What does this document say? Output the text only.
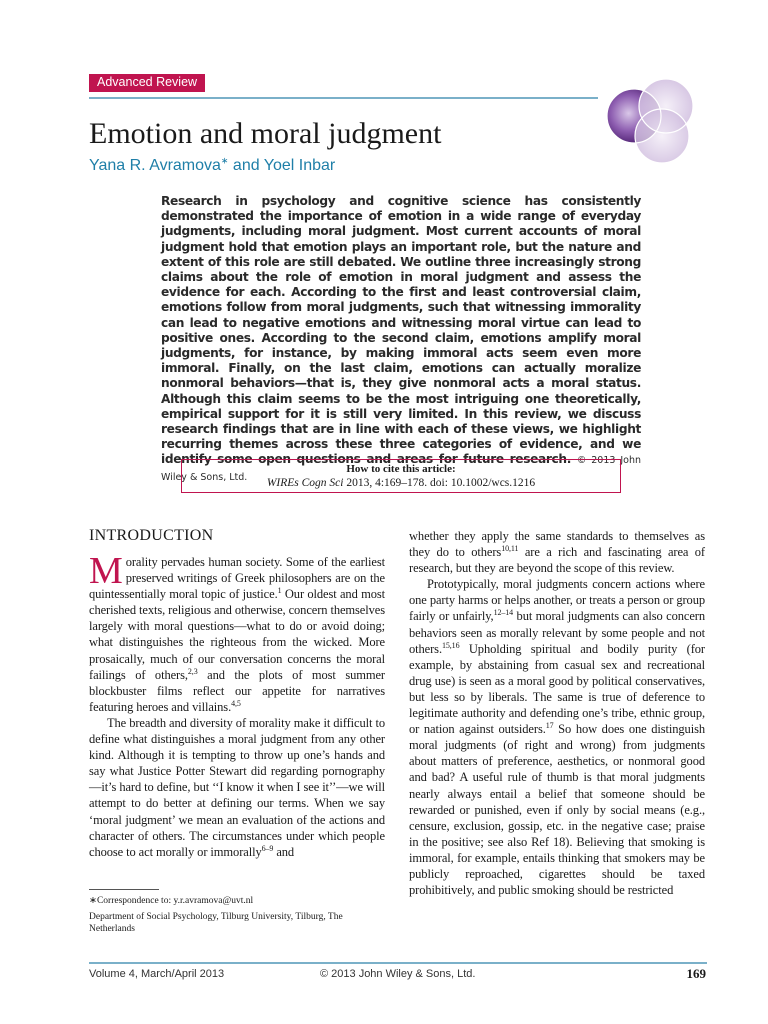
Advanced Review
Emotion and moral judgment
Yana R. Avramova∗ and Yoel Inbar
Research in psychology and cognitive science has consistently demonstrated the importance of emotion in a wide range of everyday judgments, including moral judgment. Most current accounts of moral judgment hold that emotion plays an important role, but the nature and extent of this role are still debated. We outline three increasingly strong claims about the role of emotion in moral judgment and assess the evidence for each. According to the first and least controversial claim, emotions follow from moral judgments, such that witnessing immorality can lead to negative emotions and witnessing moral virtue can lead to positive ones. According to the second claim, emotions amplify moral judgments, for instance, by making immoral acts seem even more immoral. Finally, on the last claim, emotions can actually moralize nonmoral behaviors—that is, they give nonmoral acts a moral status. Although this claim seems to be the most intriguing one theoretically, empirical support for it is still very limited. In this review, we discuss research findings that are in line with each of these views, we highlight recurring themes across these three categories of evidence, and we identify some open questions and areas for future research. © 2013 John Wiley & Sons, Ltd.
How to cite this article:
WIREs Cogn Sci 2013, 4:169–178. doi: 10.1002/wcs.1216
INTRODUCTION

Morality pervades human society. Some of the earliest preserved writings of Greek philosophers are on the quintessentially moral topic of justice.$^1$ Our oldest and most cherished texts, religious and otherwise, concern themselves largely with moral questions—what to do or avoid doing; what distinguishes the righteous from the wicked. More prosaically, much of our conversation concerns the moral failings of others,$^{2,3}$ and the plots of most summer blockbuster films reflect our appetite for narratives featuring heroes and villains.$^{4,5}$

The breadth and diversity of morality make it difficult to define what distinguishes a moral judgment from any other kind. Although it is tempting to throw up one’s hands and say what Justice Potter Stewart did regarding pornography—it’s hard to define, but ‘‘I know it when I see it’’—we will attempt to do better at defining our terms. When we say ‘moral judgment’ we mean an evaluation of the actions and character of others. The circumstances under which people choose to act morally or immorally$^{6-9}$ and

∗Correspondence to: y.r.avramova@uvt.nl

Department of Social Psychology, Tilburg University, Tilburg, The Netherlands

whether they apply the same standards to themselves as they do to others$^{10,11}$ are a rich and fascinating area of research, but they are beyond the scope of this review.

Prototypically, moral judgments concern actions where one party harms or helps another, or treats a person or group fairly or unfairly,$^{12-14}$ but moral judgments can also concern behaviors seen as morally relevant by some people and not others.$^{15,16}$ Upholding spiritual and bodily purity (for example, by abstaining from casual sex and recreational drug use) is seen as a moral good by political conservatives, but less so by liberals. The same is true of deference to legitimate authority and defending one’s tribe, ethnic group, or nation against outsiders.$^{17}$ So how does one distinguish moral judgments (of right and wrong) from judgments about matters of preference, aesthetics, or nonmoral good and bad? A useful rule of thumb is that moral judgments nearly always entail a belief that someone should be rewarded or punished, even if only by social means (e.g., censure, exclusion, gossip, etc. in the negative case; praise in the positive; see also Ref 18). Believing that smoking is immoral, for example, entails thinking that smokers may be publicly reproached, cigarettes should be taxed prohibitively, and public smoking should be restricted

Volume 4, March/April 2013	© 2013 John Wiley & Sons, Ltd.	169
